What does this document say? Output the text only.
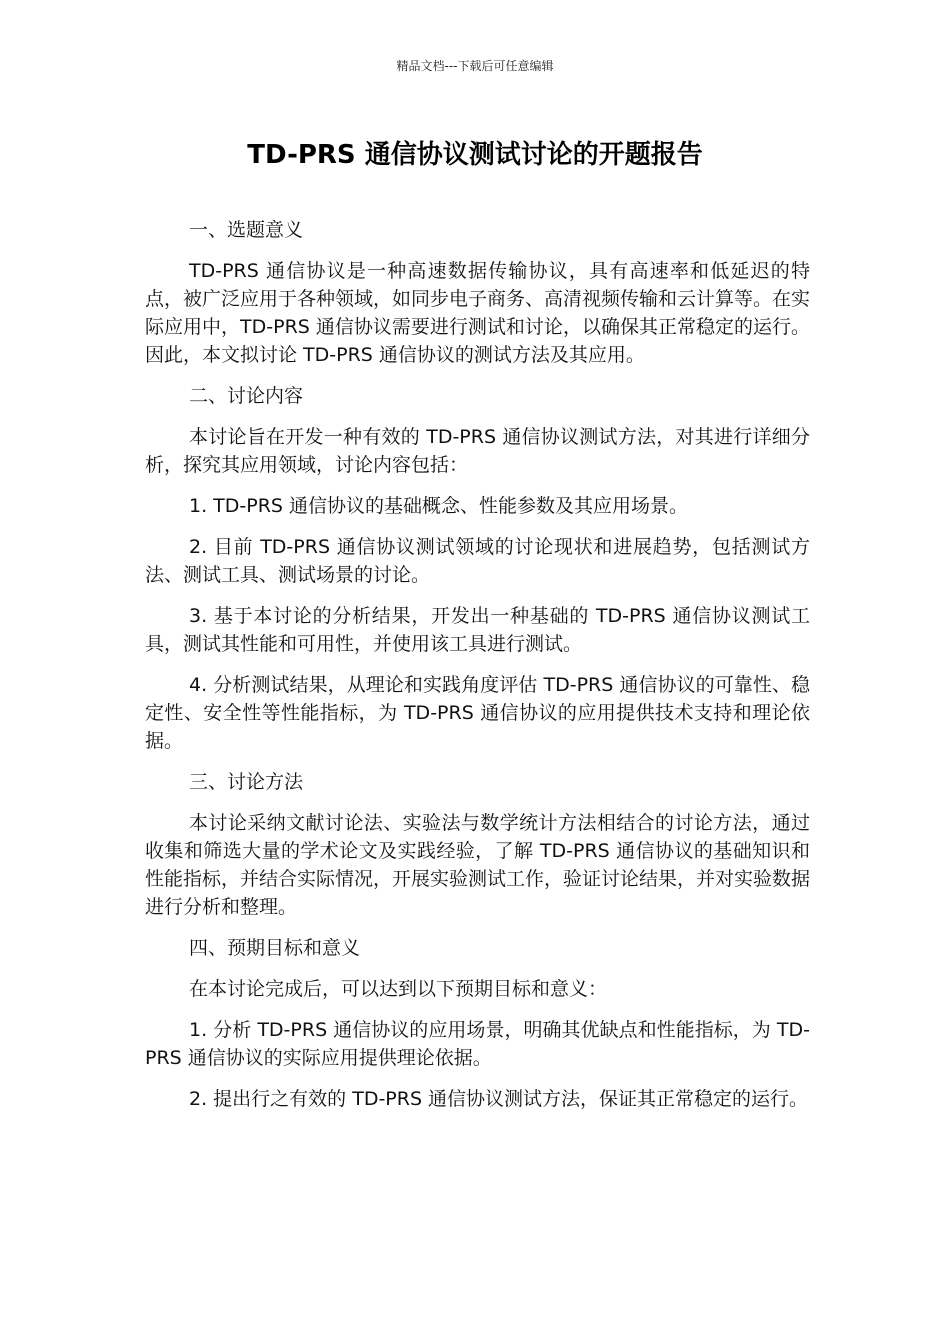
精品文档---下载后可任意编辑
TD-PRS 通信协议测试讨论的开题报告

一、选题意义

TD-PRS 通信协议是一种高速数据传输协议，具有高速率和低延迟的特点，被广泛应用于各种领域，如同步电子商务、高清视频传输和云计算等。在实际应用中，TD-PRS 通信协议需要进行测试和讨论，以确保其正常稳定的运行。因此，本文拟讨论 TD-PRS 通信协议的测试方法及其应用。

二、讨论内容

本讨论旨在开发一种有效的 TD-PRS 通信协议测试方法，对其进行详细分析，探究其应用领域，讨论内容包括：

1. TD-PRS 通信协议的基础概念、性能参数及其应用场景。

2. 目前 TD-PRS 通信协议测试领域的讨论现状和进展趋势，包括测试方法、测试工具、测试场景的讨论。

3. 基于本讨论的分析结果，开发出一种基础的 TD-PRS 通信协议测试工具，测试其性能和可用性，并使用该工具进行测试。

4. 分析测试结果，从理论和实践角度评估 TD-PRS 通信协议的可靠性、稳定性、安全性等性能指标，为 TD-PRS 通信协议的应用提供技术支持和理论依据。

三、讨论方法

本讨论采纳文献讨论法、实验法与数学统计方法相结合的讨论方法，通过收集和筛选大量的学术论文及实践经验，了解 TD-PRS 通信协议的基础知识和性能指标，并结合实际情况，开展实验测试工作，验证讨论结果，并对实验数据进行分析和整理。

四、预期目标和意义

在本讨论完成后，可以达到以下预期目标和意义：

1. 分析 TD-PRS 通信协议的应用场景，明确其优缺点和性能指标，为 TD-PRS 通信协议的实际应用提供理论依据。

2. 提出行之有效的 TD-PRS 通信协议测试方法，保证其正常稳定的运行。
